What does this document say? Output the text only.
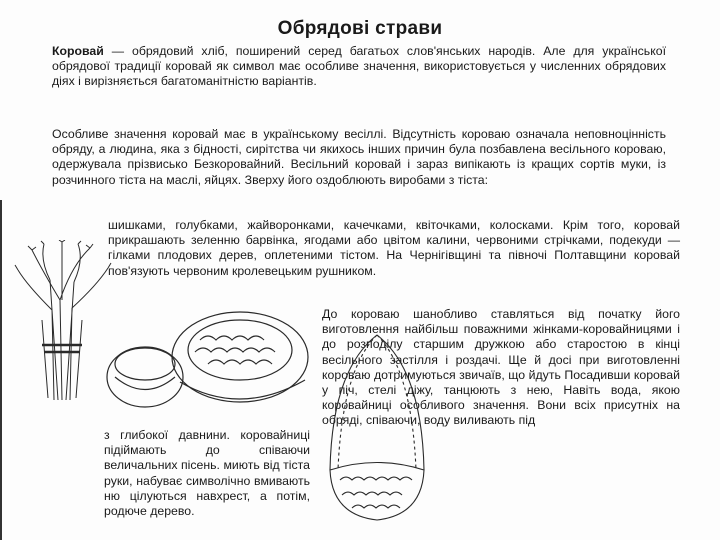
Обрядові страви
Коровай — обрядовий хліб, поширений серед багатьох слов'янських народів. Але для української обрядової традиції коровай як символ має особливе значення, використовується у численних обрядових діях і вирізняється багатоманітністю варіантів.
Особливе значення коровай має в українському весіллі. Відсутність короваю означала неповноцінність обряду, а людина, яка з бідності, сирітства чи якихось інших причин була позбавлена весільного короваю, одержувала прізвисько Безкоровайний. Весільний коровай і зараз випікають із кращих сортів муки, із розчинного тіста на маслі, яйцях. Зверху його оздоблюють виробами з тіста:
шишками, голубками, жайворонками, качечками, квіточками, колосками. Крім того, коровай прикрашають зеленню барвінка, ягодами або цвітом калини, червоними стрічками, подекуди — гілками плодових дерев, оплетеними тістом. На Чернігівщині та півночі Полтавщини коровай пов'язують червоним кролевецьким рушником.
До короваю шанобливо ставляться від початку його виготовлення найбільш поважними жінками-коровайницями і до розподілу старшим дружкою або старостою в кінці весільного застілля і роздачі. Ще й досі при виготовленні короваю дотримуються звичаїв, що йдуть Посадивши коровай у піч, стелі діжу, танцюють з нею, Навіть вода, якою коровайниці особливого значення. Вони всіх присутніх на обряді, співаючи, воду виливають під
з глибокої давнини. коровайниці підіймають до співаючи величальних пісень. миють від тіста руки, набуває символічно вмивають ню цілуються навхрест, а потім, родюче дерево.
